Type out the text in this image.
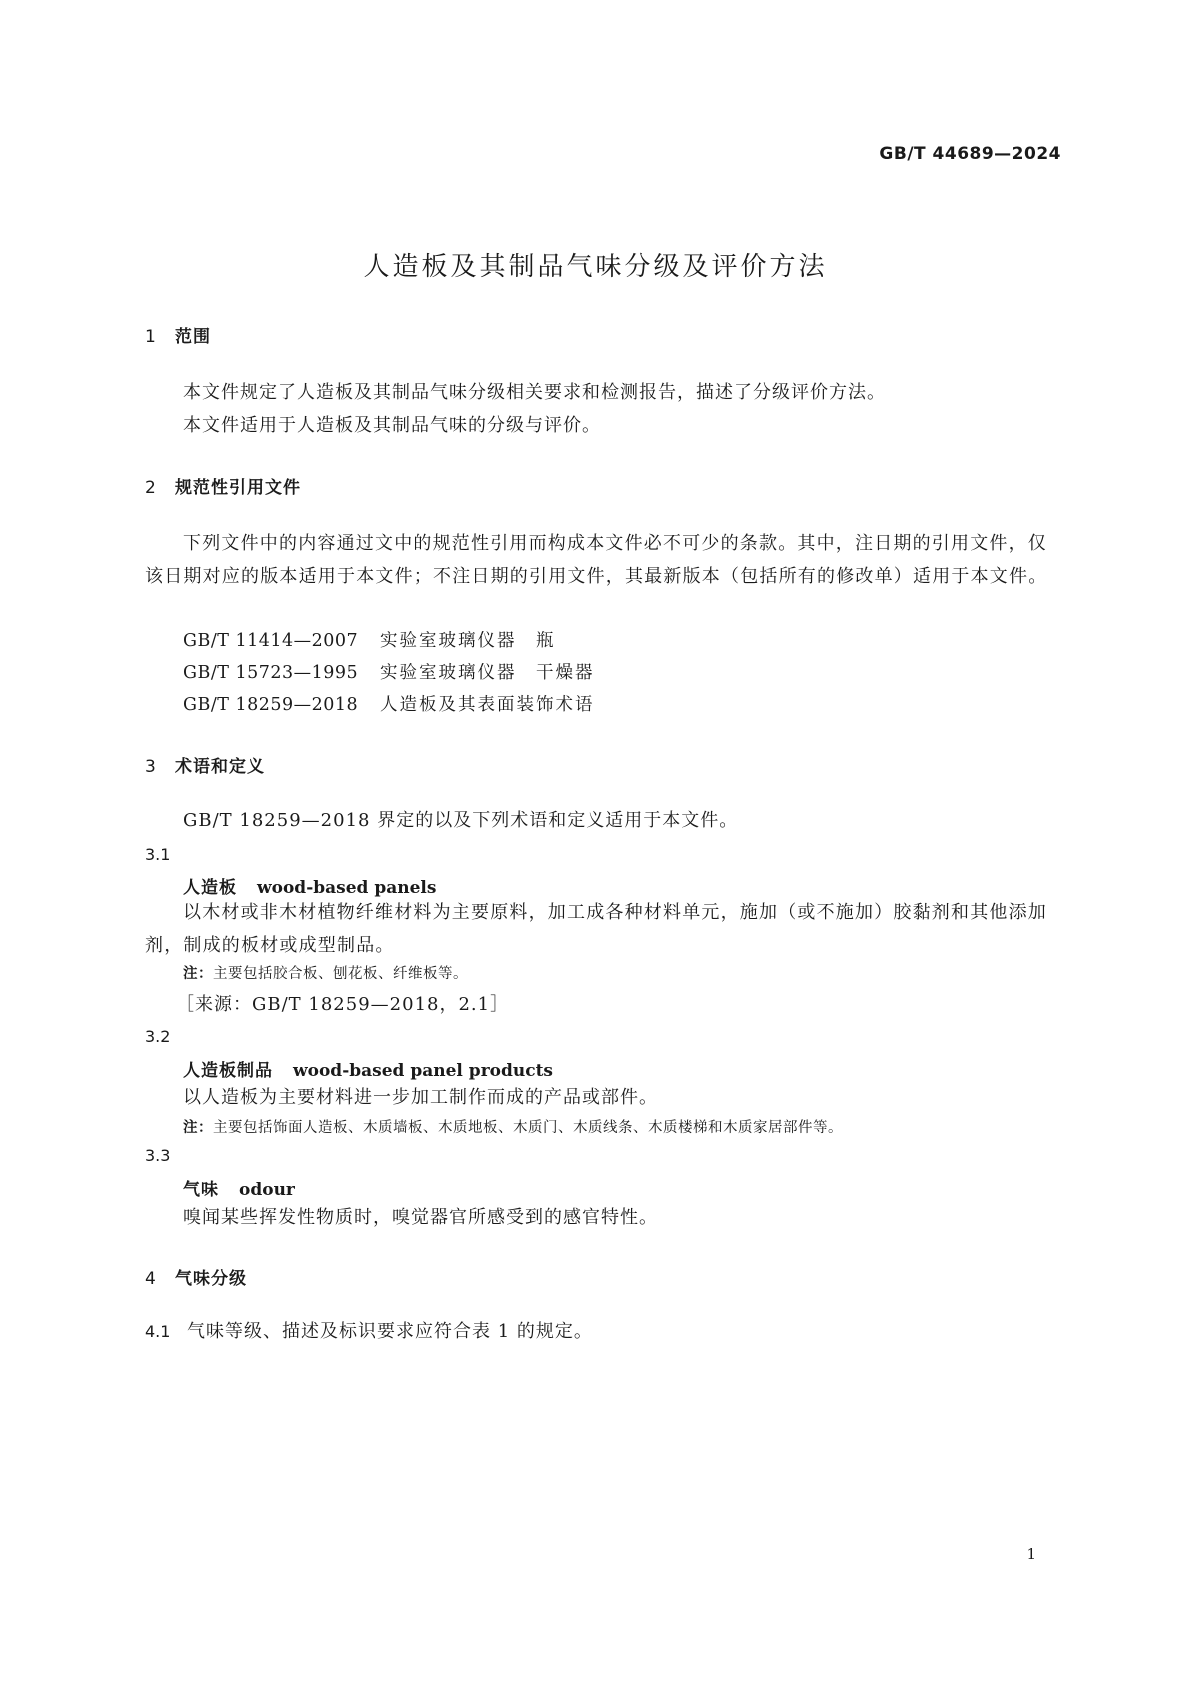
GB/T 44689—2024
人造板及其制品气味分级及评价方法
1 范围
本文件规定了人造板及其制品气味分级相关要求和检测报告，描述了分级评价方法。
本文件适用于人造板及其制品气味的分级与评价。
2 规范性引用文件
下列文件中的内容通过文中的规范性引用而构成本文件必不可少的条款。其中，注日期的引用文件，仅该日期对应的版本适用于本文件；不注日期的引用文件，其最新版本（包括所有的修改单）适用于本文件。
GB/T 11414—2007 实验室玻璃仪器　瓶
GB/T 15723—1995 实验室玻璃仪器　干燥器
GB/T 18259—2018 人造板及其表面装饰术语
3 术语和定义
GB/T 18259—2018 界定的以及下列术语和定义适用于本文件。
3.1
人造板 wood-based panels
以木材或非木材植物纤维材料为主要原料，加工成各种材料单元，施加（或不施加）胶黏剂和其他添加剂，制成的板材或成型制品。
注：主要包括胶合板、刨花板、纤维板等。
［来源：GB/T 18259—2018，2.1］
3.2
人造板制品 wood-based panel products
以人造板为主要材料进一步加工制作而成的产品或部件。
注：主要包括饰面人造板、木质墙板、木质地板、木质门、木质线条、木质楼梯和木质家居部件等。
3.3
气味 odour
嗅闻某些挥发性物质时，嗅觉器官所感受到的感官特性。
4 气味分级
4.1 气味等级、描述及标识要求应符合表 1 的规定。
1
